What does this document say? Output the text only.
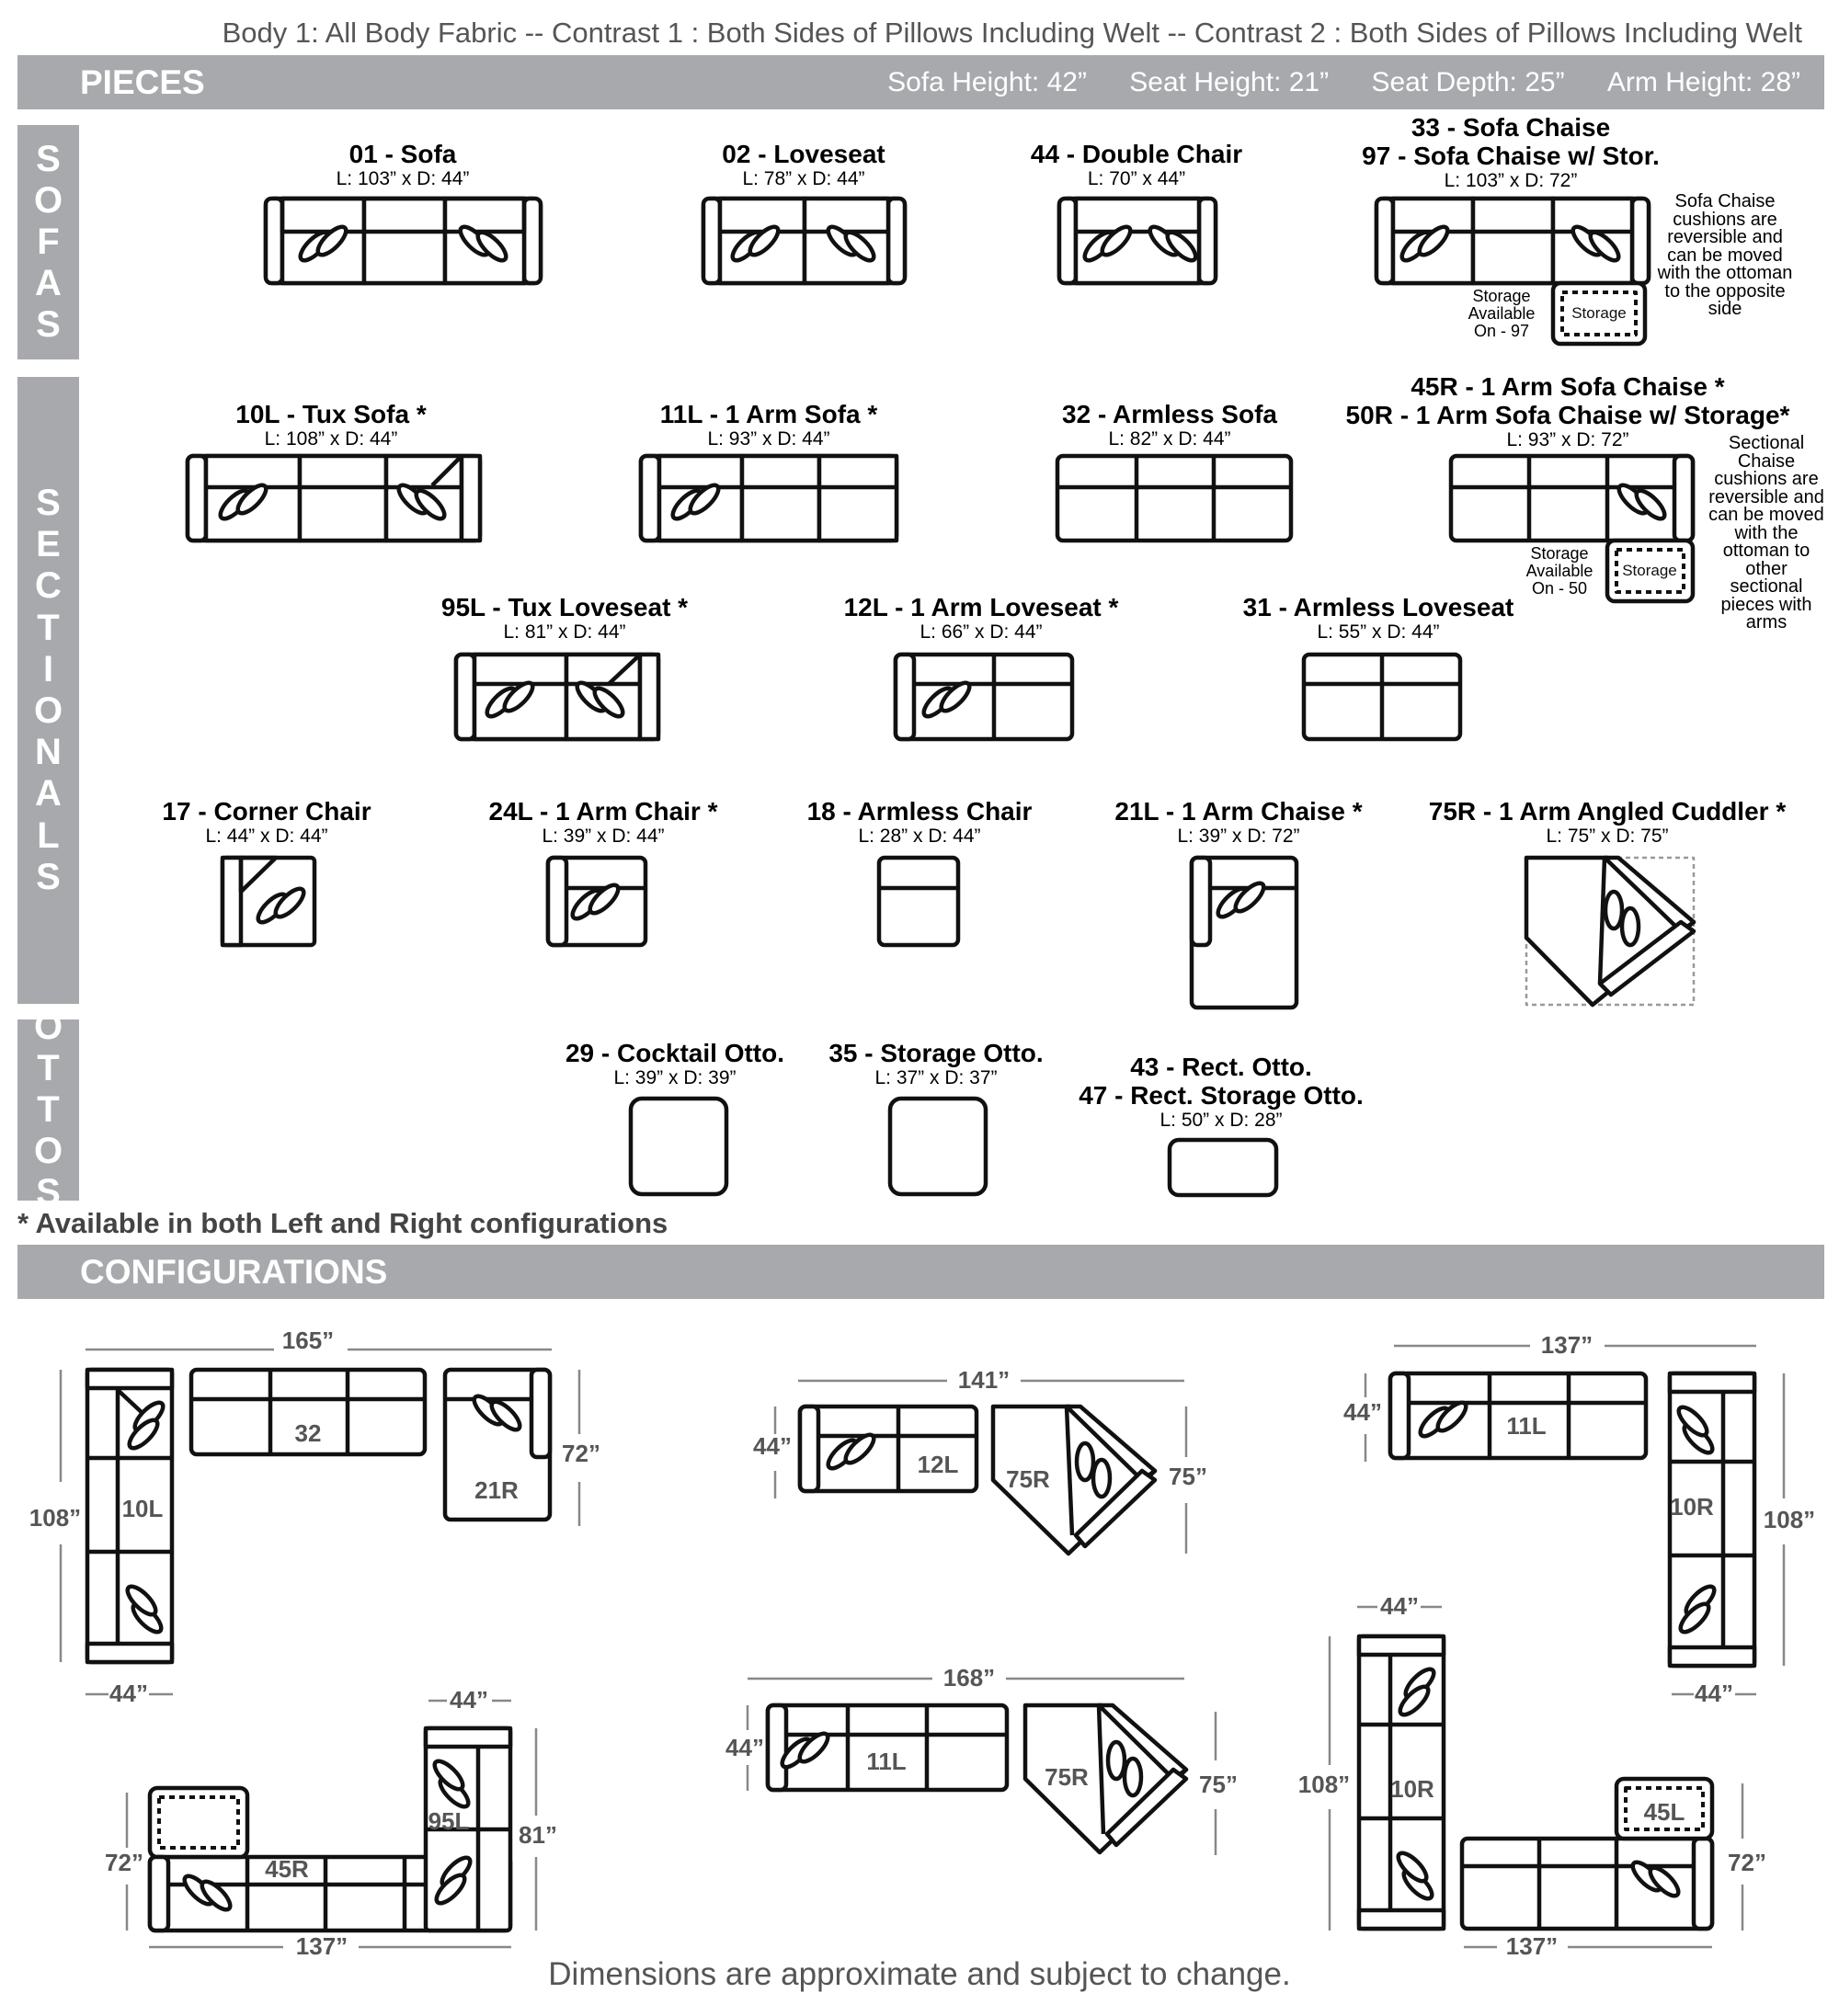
Body 1: All Body Fabric -- Contrast 1 : Both Sides of Pillows Including Welt -- Contrast 2 : Both Sides of Pillows Including Welt
PIECES	Sofa Height: 42” Seat Height: 21” Seat Depth: 25” Arm Height: 28”
S
O
F
A
S
S
E
C
T
I
O
N
A
L
S
O
T
T
O
S
01 - Sofa
L: 103” x D: 44”
02 - Loveseat
L: 78” x D: 44”
44 - Double Chair
L: 70” x 44”
33 - Sofa Chaise
97 - Sofa Chaise w/ Stor.
L: 103” x D: 72”
Sofa Chaise cushions are reversible and can be moved with the ottoman to the opposite side
Storage Available On - 97
10L - Tux Sofa *
L: 108” x D: 44”
11L - 1 Arm Sofa *
L: 93” x D: 44”
32 - Armless Sofa
L: 82” x D: 44”
45R - 1 Arm Sofa Chaise *
50R - 1 Arm Sofa Chaise w/ Storage*
L: 93” x D: 72”	Sectional Chaise cushions are reversible and can be moved with the ottoman to other sectional pieces with arms
Storage Available On - 50
95L - Tux Loveseat *
L: 81” x D: 44”
12L - 1 Arm Loveseat *
L: 66” x D: 44”
31 - Armless Loveseat
L: 55” x D: 44”
17 - Corner Chair
L: 44” x D: 44”
24L - 1 Arm Chair *
L: 39” x D: 44”
18 - Armless Chair
L: 28” x D: 44”
21L - 1 Arm Chaise *
L: 39” x D: 72”
75R - 1 Arm Angled Cuddler *
L: 75” x D: 75”
29 - Cocktail Otto.
L: 39” x D: 39”
35 - Storage Otto.
L: 37” x D: 37”	43 - Rect. Otto.
47 - Rect. Storage Otto.
L: 50” x D: 28”
* Available in both Left and Right configurations
CONFIGURATIONS
165”
108”
44”
72”
10L
32
21R
141”
44”
75”
12L
75R
137”
44”
108”
44”
11L
10R
137”
72”
44”
81”
45R
95L
168”
44”
75”
11L
75R
137”
44”
108”
72”
10R
45L
Storage
Storage
Dimensions are approximate and subject to change.
